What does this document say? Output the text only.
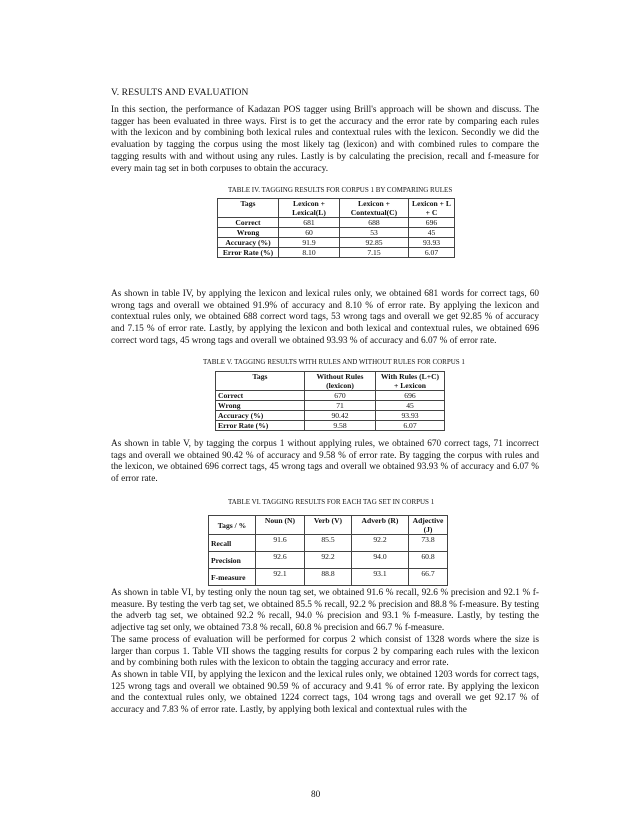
V. RESULTS AND EVALUATION

In this section, the performance of Kadazan POS tagger using Brill's approach will be shown and discuss. The tagger has been evaluated in three ways. First is to get the accuracy and the error rate by comparing each rules with the lexicon and by combining both lexical rules and contextual rules with the lexicon. Secondly we did the evaluation by tagging the corpus using the most likely tag (lexicon) and with combined rules to compare the tagging results with and without using any rules. Lastly is by calculating the precision, recall and f-measure for every main tag set in both corpuses to obtain the accuracy.

TABLE IV. TAGGING RESULTS FOR CORPUS 1 BY COMPARING RULES
Tags	Lexicon + Lexical(L)	Lexicon + Contextual(C)	Lexicon + L + C
Correct	681	688	696
Wrong	60	53	45
Accuracy (%)	91.9	92.85	93.93
Error Rate (%)	8.10	7.15	6.07

As shown in table IV, by applying the lexicon and lexical rules only, we obtained 681 words for correct tags, 60 wrong tags and overall we obtained 91.9% of accuracy and 8.10 % of error rate. By applying the lexicon and contextual rules only, we obtained 688 correct word tags, 53 wrong tags and overall we get 92.85 % of accuracy and 7.15 % of error rate. Lastly, by applying the lexicon and both lexical and contextual rules, we obtained 696 correct word tags, 45 wrong tags and overall we obtained 93.93 % of accuracy and 6.07 % of error rate.

TABLE V. TAGGING RESULTS WITH RULES AND WITHOUT RULES FOR CORPUS 1
Tags	Without Rules (lexicon)	With Rules (L+C) + Lexicon
Correct	670	696
Wrong	71	45
Accuracy (%)	90.42	93.93
Error Rate (%)	9.58	6.07

As shown in table V, by tagging the corpus 1 without applying rules, we obtained 670 correct tags, 71 incorrect tags and overall we obtained 90.42 % of accuracy and 9.58 % of error rate. By tagging the corpus with rules and the lexicon, we obtained 696 correct tags, 45 wrong tags and overall we obtained 93.93 % of accuracy and 6.07 % of error rate.

TABLE VI. TAGGING RESULTS FOR EACH TAG SET IN CORPUS 1
Tags / %	Noun (N)	Verb (V)	Adverb (R)	Adjective (J)
Recall	91.6	85.5	92.2	73.8
Precision	92.6	92.2	94.0	60.8
F-measure	92.1	88.8	93.1	66.7

As shown in table VI, by testing only the noun tag set, we obtained 91.6 % recall, 92.6 % precision and 92.1 % f-measure. By testing the verb tag set, we obtained 85.5 % recall, 92.2 % precision and 88.8 % f-measure. By testing the adverb tag set, we obtained 92.2 % recall, 94.0 % precision and 93.1 % f-measure. Lastly, by testing the adjective tag set only, we obtained 73.8 % recall, 60.8 % precision and 66.7 % f-measure.

The same process of evaluation will be performed for corpus 2 which consist of 1328 words where the size is larger than corpus 1. Table VII shows the tagging results for corpus 2 by comparing each rules with the lexicon and by combining both rules with the lexicon to obtain the tagging accuracy and error rate.

As shown in table VII, by applying the lexicon and the lexical rules only, we obtained 1203 words for correct tags, 125 wrong tags and overall we obtained 90.59 % of accuracy and 9.41 % of error rate. By applying the lexicon and the contextual rules only, we obtained 1224 correct tags, 104 wrong tags and overall we get 92.17 % of accuracy and 7.83 % of error rate. Lastly, by applying both lexical and contextual rules with the

80
